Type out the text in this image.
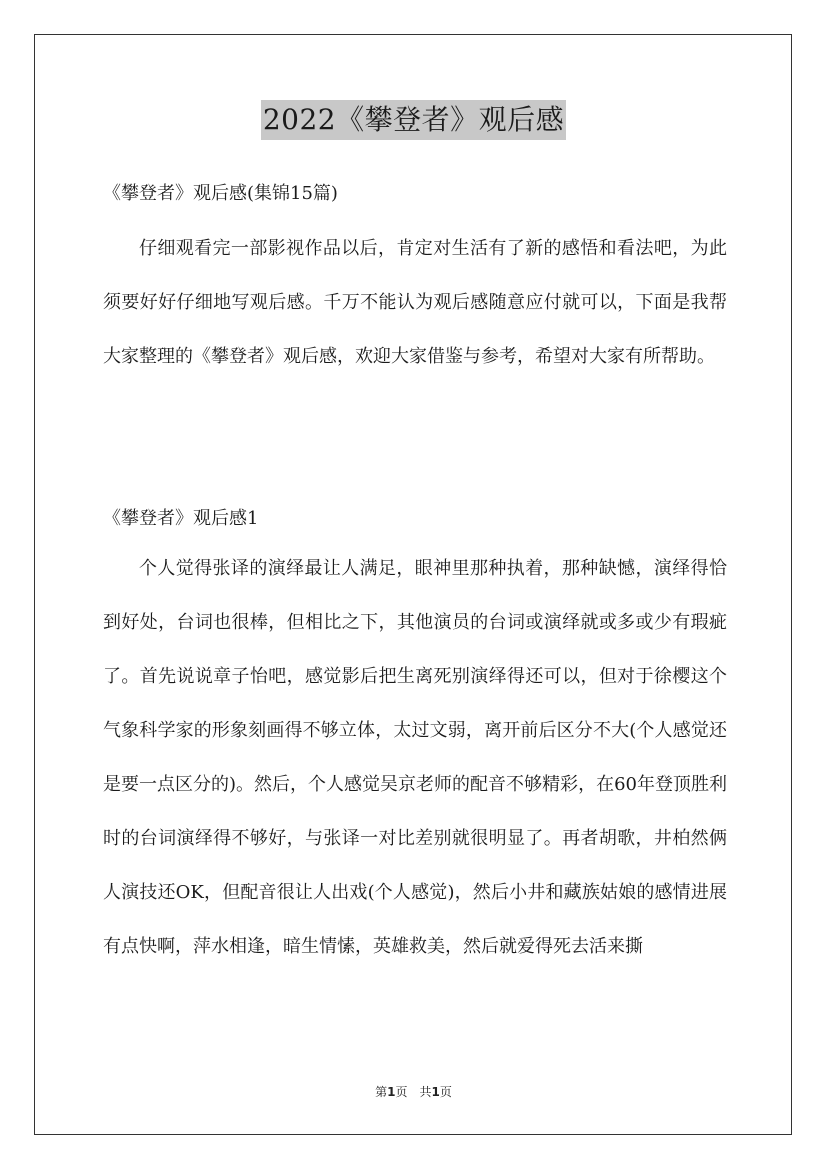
2022《攀登者》观后感
《攀登者》观后感(集锦15篇)

仔细观看完一部影视作品以后，肯定对生活有了新的感悟和看法吧，为此须要好好仔细地写观后感。千万不能认为观后感随意应付就可以，下面是我帮大家整理的《攀登者》观后感，欢迎大家借鉴与参考，希望对大家有所帮助。

《攀登者》观后感1

个人觉得张译的演绎最让人满足，眼神里那种执着，那种缺憾，演绎得恰到好处，台词也很棒，但相比之下，其他演员的台词或演绎就或多或少有瑕疵了。首先说说章子怡吧，感觉影后把生离死别演绎得还可以，但对于徐樱这个气象科学家的形象刻画得不够立体，太过文弱，离开前后区分不大(个人感觉还是要一点区分的)。然后，个人感觉吴京老师的配音不够精彩，在60年登顶胜利时的台词演绎得不够好，与张译一对比差别就很明显了。再者胡歌，井柏然俩人演技还OK，但配音很让人出戏(个人感觉)，然后小井和藏族姑娘的感情进展有点快啊，萍水相逢，暗生情愫，英雄救美，然后就爱得死去活来撕

第1页 共1页
